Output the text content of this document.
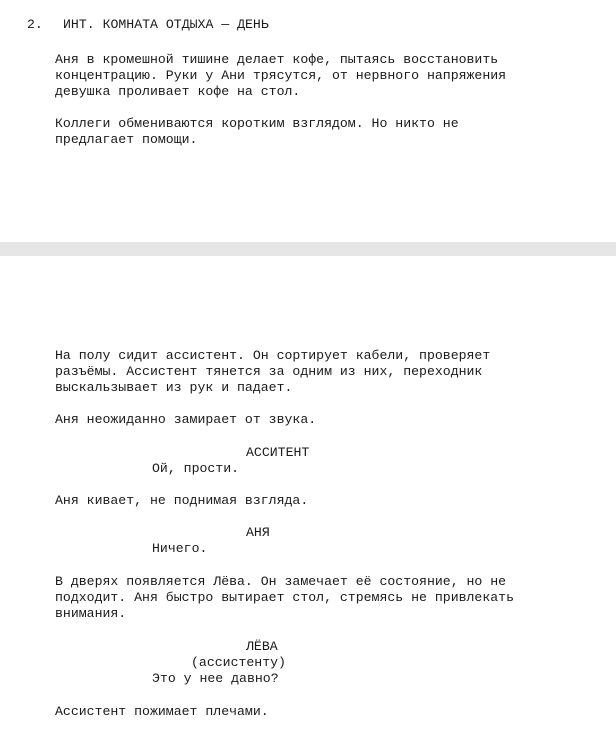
2. ИНТ. КОМНАТА ОТДЫХА — ДЕНЬ
Аня в кромешной тишине делает кофе, пытаясь восстановить
концентрацию. Руки у Ани трясутся, от нервного напряжения
девушка проливает кофе на стол.
Коллеги обмениваются коротким взглядом. Но никто не
предлагает помощи.
На полу сидит ассистент. Он сортирует кабели, проверяет
разъёмы. Ассистент тянется за одним из них, переходник
выскальзывает из рук и падает.
Аня неожиданно замирает от звука.
АССИТЕНТ
Ой, прости.
Аня кивает, не поднимая взгляда.
АНЯ
Ничего.
В дверях появляется Лёва. Он замечает её состояние, но не
подходит. Аня быстро вытирает стол, стремясь не привлекать
внимания.
ЛЁВА
(ассистенту)
Это у нее давно?
Ассистент пожимает плечами.
